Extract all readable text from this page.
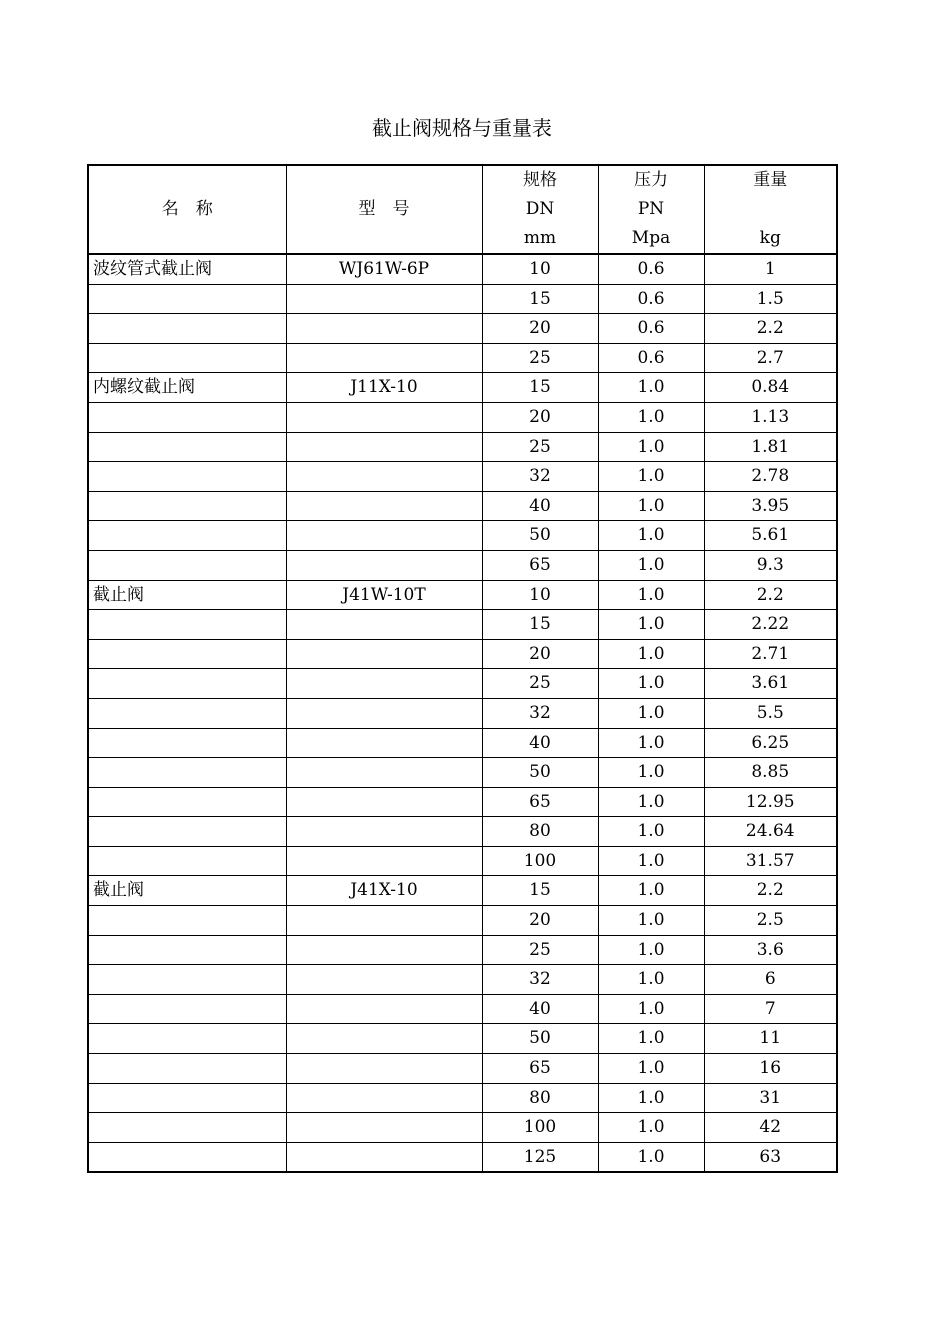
截止阀规格与重量表
名　称	型　号	规格	压力	重量
		DN	PN	
		mm	Mpa	kg
波纹管式截止阀	WJ61W-6P	10	0.6	1
		15	0.6	1.5
		20	0.6	2.2
		25	0.6	2.7
内螺纹截止阀	J11X-10	15	1.0	0.84
		20	1.0	1.13
		25	1.0	1.81
		32	1.0	2.78
		40	1.0	3.95
		50	1.0	5.61
		65	1.0	9.3
截止阀	J41W-10T	10	1.0	2.2
		15	1.0	2.22
		20	1.0	2.71
		25	1.0	3.61
		32	1.0	5.5
		40	1.0	6.25
		50	1.0	8.85
		65	1.0	12.95
		80	1.0	24.64
		100	1.0	31.57
截止阀	J41X-10	15	1.0	2.2
		20	1.0	2.5
		25	1.0	3.6
		32	1.0	6
		40	1.0	7
		50	1.0	11
		65	1.0	16
		80	1.0	31
		100	1.0	42
		125	1.0	63
